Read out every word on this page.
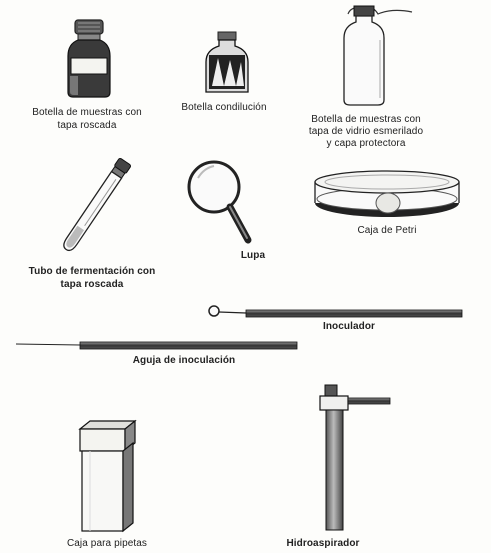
Botella de muestras con
tapa roscada
Botella condilución
Botella de muestras con
tapa de vidrio esmerilado
y capa protectora
Tubo de fermentación con
tapa roscada
Lupa
Caja de Petri
Inoculador
Aguja de inoculación
Caja para pipetas	Hidroaspirador
